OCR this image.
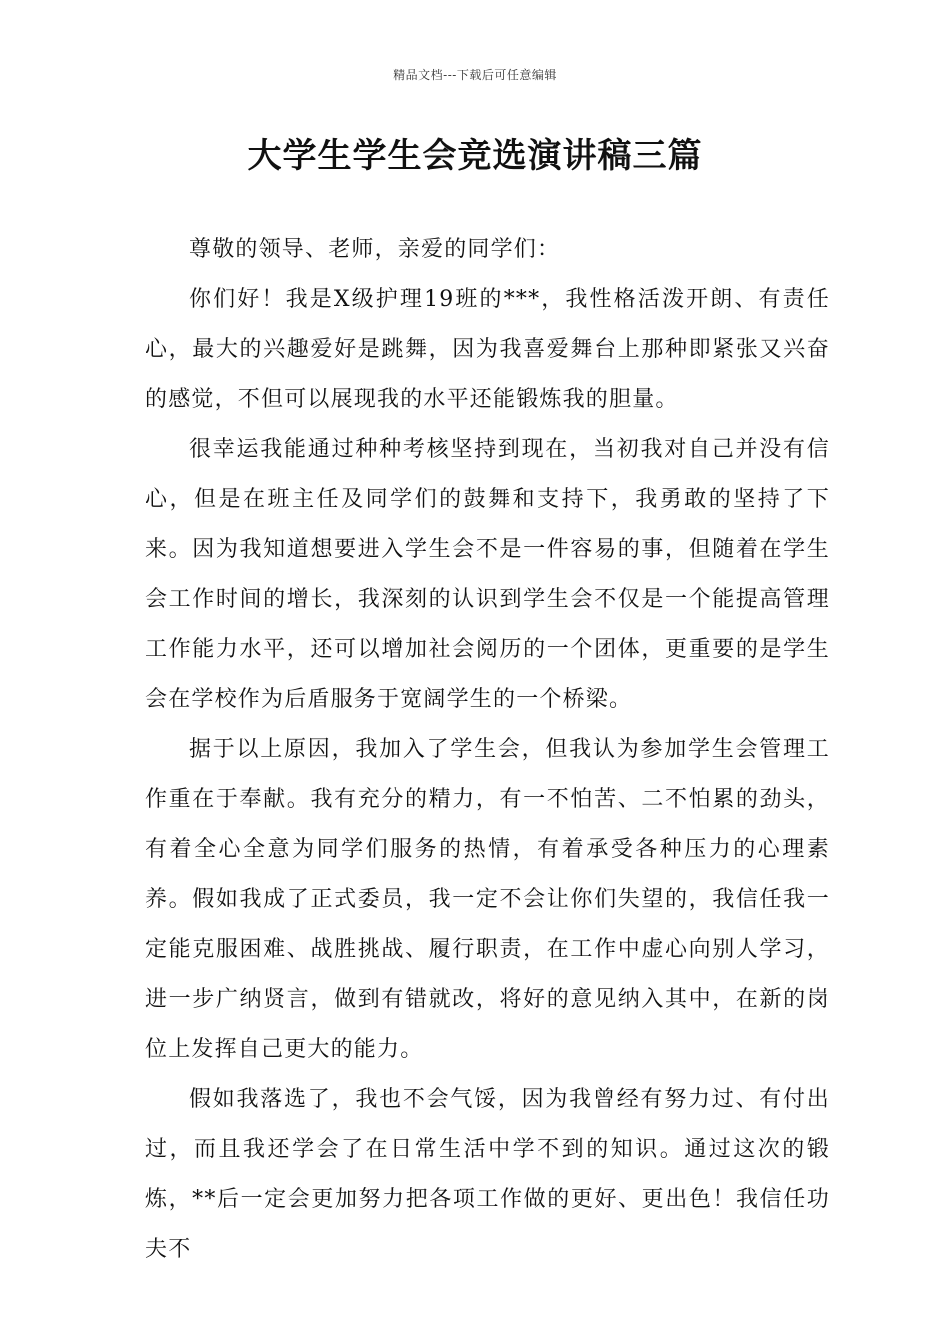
精品文档---下载后可任意编辑
大学生学生会竞选演讲稿三篇

尊敬的领导、老师，亲爱的同学们：

你们好！我是X级护理19班的***，我性格活泼开朗、有责任心，最大的兴趣爱好是跳舞，因为我喜爱舞台上那种即紧张又兴奋的感觉，不但可以展现我的水平还能锻炼我的胆量。

很幸运我能通过种种考核坚持到现在，当初我对自己并没有信心，但是在班主任及同学们的鼓舞和支持下，我勇敢的坚持了下来。因为我知道想要进入学生会不是一件容易的事，但随着在学生会工作时间的增长，我深刻的认识到学生会不仅是一个能提高管理工作能力水平，还可以增加社会阅历的一个团体，更重要的是学生会在学校作为后盾服务于宽阔学生的一个桥梁。

据于以上原因，我加入了学生会，但我认为参加学生会管理工作重在于奉献。我有充分的精力，有一不怕苦、二不怕累的劲头，有着全心全意为同学们服务的热情，有着承受各种压力的心理素养。假如我成了正式委员，我一定不会让你们失望的，我信任我一定能克服困难、战胜挑战、履行职责，在工作中虚心向别人学习，进一步广纳贤言，做到有错就改，将好的意见纳入其中，在新的岗位上发挥自己更大的能力。

假如我落选了，我也不会气馁，因为我曾经有努力过、有付出过，而且我还学会了在日常生活中学不到的知识。通过这次的锻炼，**后一定会更加努力把各项工作做的更好、更出色！我信任功夫不
